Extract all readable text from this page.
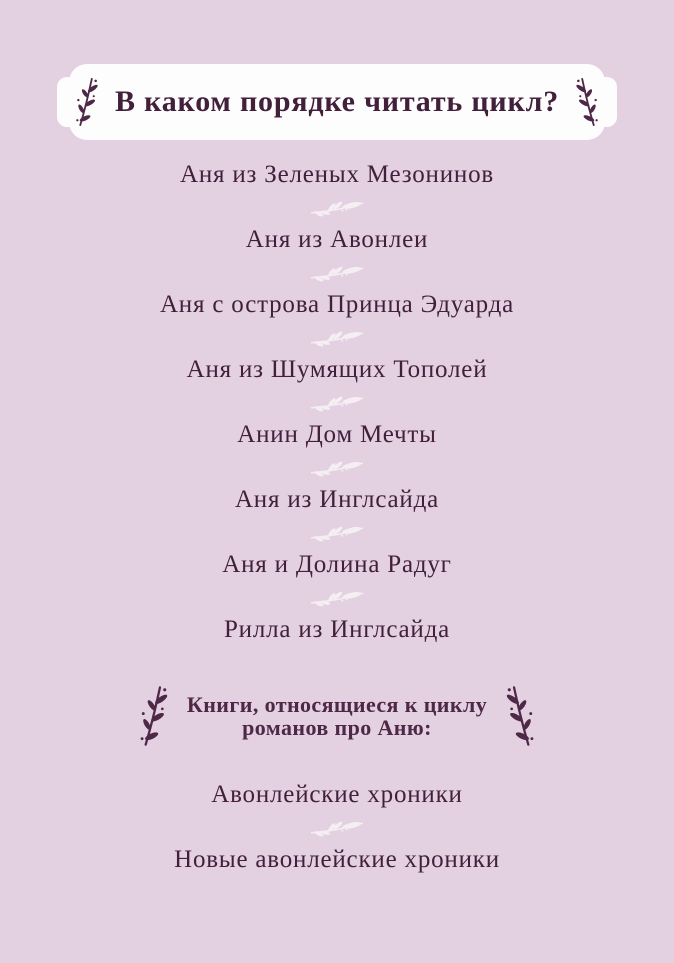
В каком порядке читать цикл?
Аня из Зеленых Мезонинов
Аня из Авонлеи
Аня с острова Принца Эдуарда
Аня из Шумящих Тополей
Анин Дом Мечты
Аня из Инглсайда
Аня и Долина Радуг
Рилла из Инглсайда
Книги, относящиеся к циклу
романов про Аню:
Авонлейские хроники
Новые авонлейские хроники
